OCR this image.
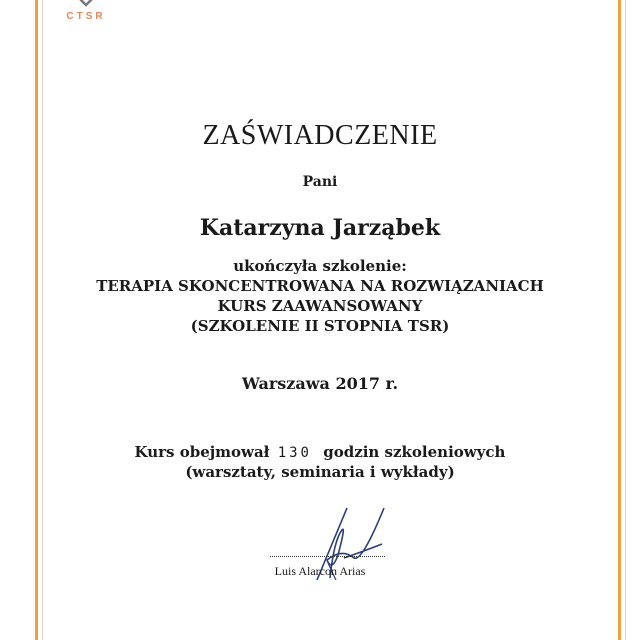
CTSR
ZAŚWIADCZENIE
Pani
Katarzyna Jarząbek
ukończyła szkolenie:
TERAPIA SKONCENTROWANA NA ROZWIĄZANIACH
KURS ZAAWANSOWANY
(SZKOLENIE II STOPNIA TSR)
Warszawa 2017 r.
Kurs obejmował 130 godzin szkoleniowych
(warsztaty, seminaria i wykłady)
Luis Alarcon Arias
